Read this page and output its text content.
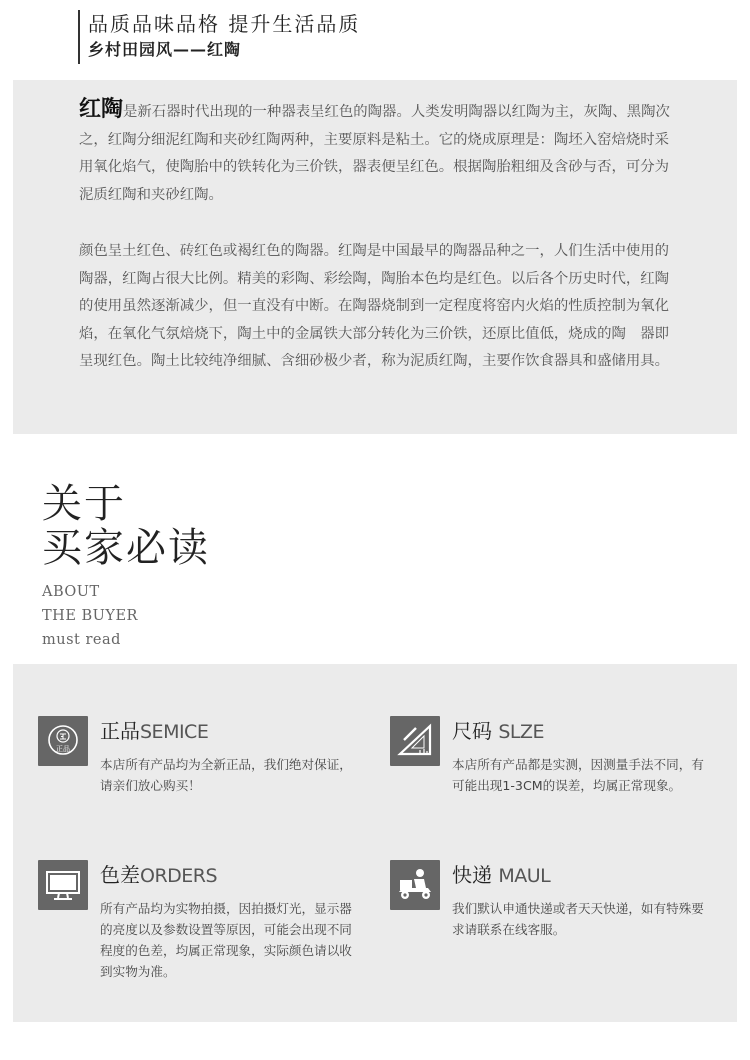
品质品味品格 提升生活品质
乡村田园风——红陶
红陶是新石器时代出现的一种器表呈红色的陶器。人类发明陶器以红陶为主，灰陶、黑陶次之，红陶分细泥红陶和夹砂红陶两种，主要原料是粘土。它的烧成原理是：陶坯入窑焙烧时采用氧化焰气，使陶胎中的铁转化为三价铁，器表便呈红色。根据陶胎粗细及含砂与否，可分为泥质红陶和夹砂红陶。
颜色呈土红色、砖红色或褐红色的陶器。红陶是中国最早的陶器品种之一，人们生活中使用的陶器，红陶占很大比例。精美的彩陶、彩绘陶，陶胎本色均是红色。以后各个历史时代，红陶的使用虽然逐渐减少，但一直没有中断。在陶器烧制到一定程度将窑内火焰的性质控制为氧化焰，在氧化气氛焙烧下，陶土中的金属铁大部分转化为三价铁，还原比值低，烧成的陶　器即呈现红色。陶土比较纯净细腻、含细砂极少者，称为泥质红陶，主要作饮食器具和盛储用具。
关于
买家必读
ABOUT
THE BUYER
must read
正品
正品SEMICE
本店所有产品均为全新正品，我们绝对保证，请亲们放心购买！
尺码 SLZE
本店所有产品都是实测，因测量手法不同，有可能出现1-3CM的误差，均属正常现象。
色差ORDERS
所有产品均为实物拍摄，因拍摄灯光，显示器的亮度以及参数设置等原因，可能会出现不同程度的色差，均属正常现象，实际颜色请以收到实物为准。
快递 MAUL
我们默认申通快递或者天天快递，如有特殊要求请联系在线客服。
